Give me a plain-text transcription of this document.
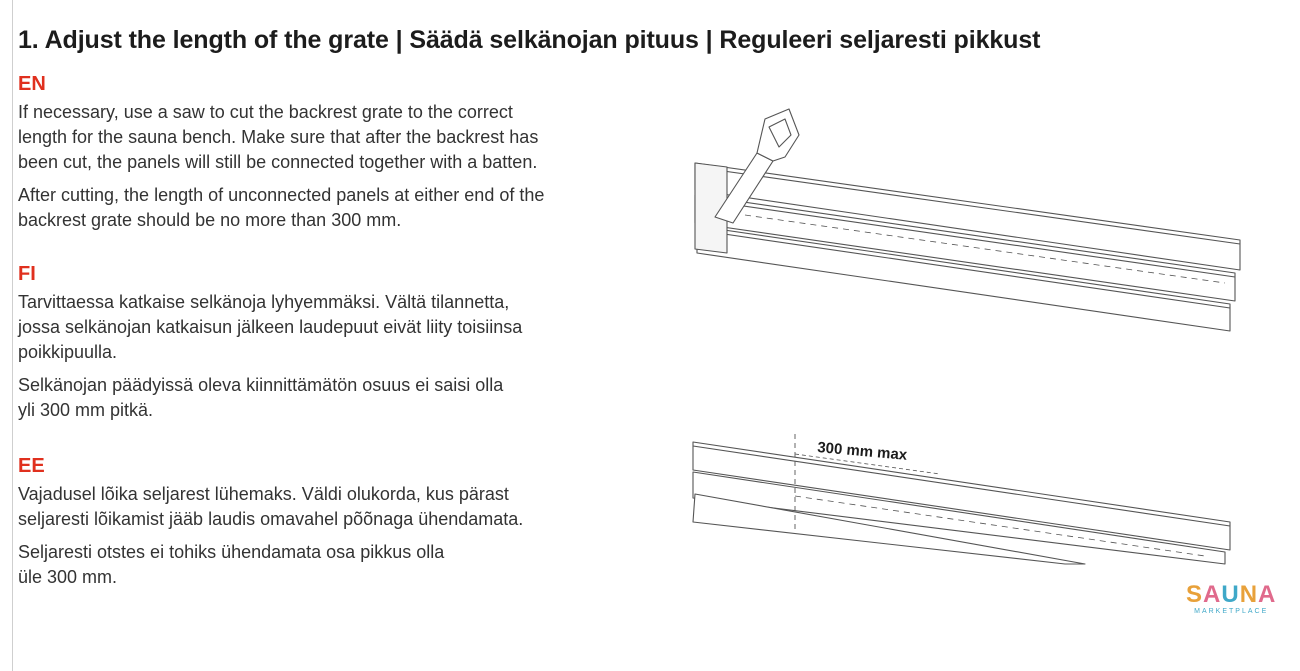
1. Adjust the length of the grate | Säädä selkänojan pituus | Reguleeri seljaresti pikkust
EN

If necessary, use a saw to cut the backrest grate to the correct
length for the sauna bench. Make sure that after the backrest has
been cut, the panels will still be connected together with a batten.

After cutting, the length of unconnected panels at either end of the
backrest grate should be no more than 300 mm.

FI

Tarvittaessa katkaise selkänoja lyhyemmäksi. Vältä tilannetta,
jossa selkänojan katkaisun jälkeen laudepuut eivät liity toisiinsa
poikkipuulla.

Selkänojan päädyissä oleva kiinnittämätön osuus ei saisi olla
yli 300 mm pitkä.

EE

Vajadusel lõika seljarest lühemaks. Väldi olukorda, kus pärast
seljaresti lõikamist jääb laudis omavahel põõnaga ühendamata.

Seljaresti otstes ei tohiks ühendamata osa pikkus olla
üle 300 mm.

300 mm max
SAUNA
MARKETPLACE
